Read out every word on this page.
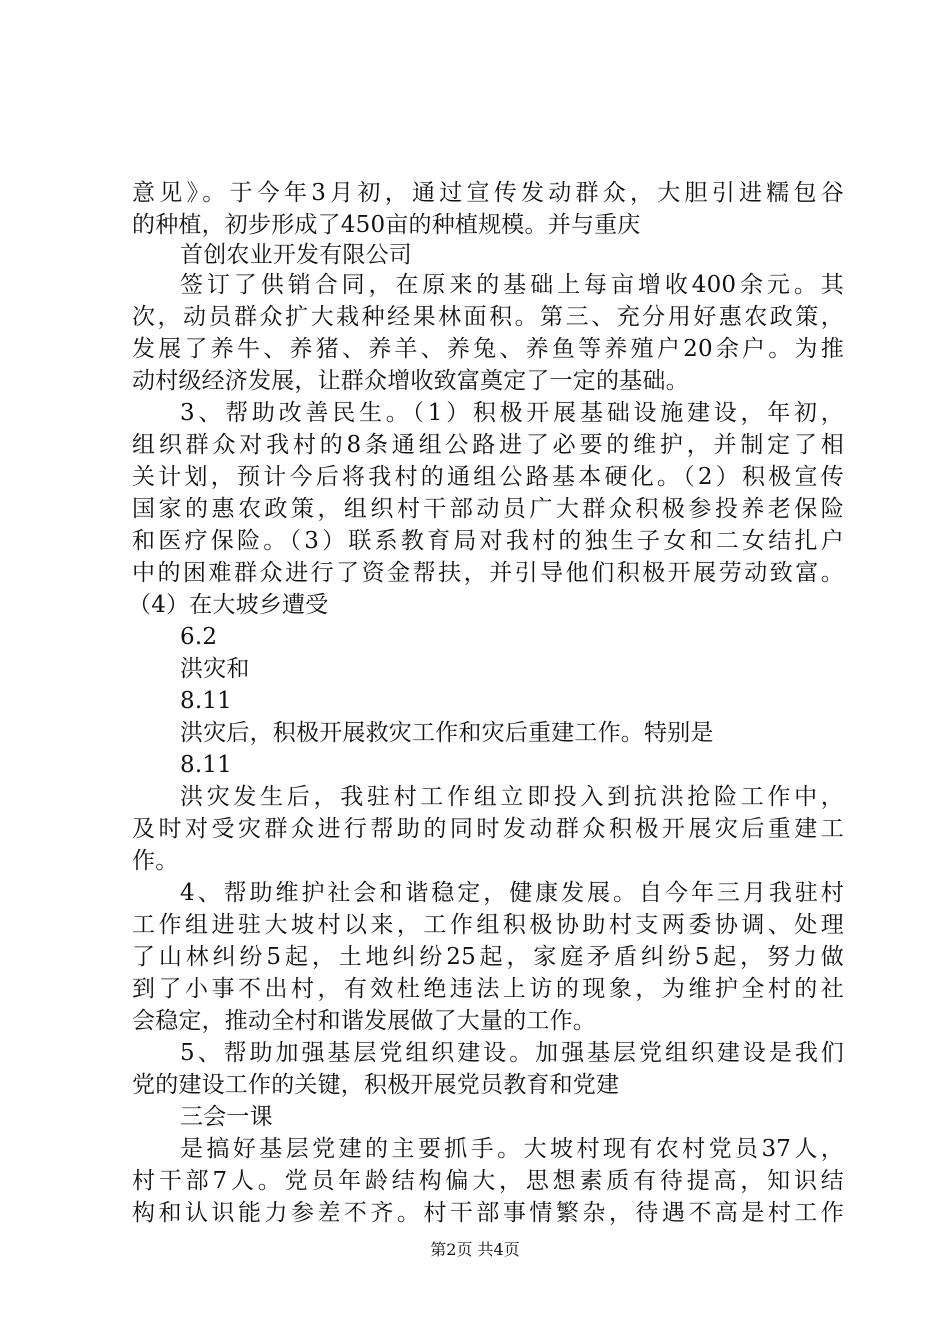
意见》。于今年3月初，通过宣传发动群众，大胆引进糯包谷
的种植，初步形成了450亩的种植规模。并与重庆
首创农业开发有限公司
签订了供销合同，在原来的基础上每亩增收400余元。其
次，动员群众扩大栽种经果林面积。第三、充分用好惠农政策，
发展了养牛、养猪、养羊、养兔、养鱼等养殖户20余户。为推
动村级经济发展，让群众增收致富奠定了一定的基础。
3、帮助改善民生。（1）积极开展基础设施建设，年初，
组织群众对我村的8条通组公路进了必要的维护，并制定了相
关计划，预计今后将我村的通组公路基本硬化。（2）积极宣传
国家的惠农政策，组织村干部动员广大群众积极参投养老保险
和医疗保险。（3）联系教育局对我村的独生子女和二女结扎户
中的困难群众进行了资金帮扶，并引导他们积极开展劳动致富。
（4）在大坡乡遭受
6.2
洪灾和
8.11
洪灾后，积极开展救灾工作和灾后重建工作。特别是
8.11
洪灾发生后，我驻村工作组立即投入到抗洪抢险工作中，
及时对受灾群众进行帮助的同时发动群众积极开展灾后重建工
作。
4、帮助维护社会和谐稳定，健康发展。自今年三月我驻村
工作组进驻大坡村以来，工作组积极协助村支两委协调、处理
了山林纠纷5起，土地纠纷25起，家庭矛盾纠纷5起，努力做
到了小事不出村，有效杜绝违法上访的现象，为维护全村的社
会稳定，推动全村和谐发展做了大量的工作。
5、帮助加强基层党组织建设。加强基层党组织建设是我们
党的建设工作的关键，积极开展党员教育和党建
三会一课
是搞好基层党建的主要抓手。大坡村现有农村党员37人，
村干部7人。党员年龄结构偏大，思想素质有待提高，知识结
构和认识能力参差不齐。村干部事情繁杂，待遇不高是村工作
第2页 共4页
